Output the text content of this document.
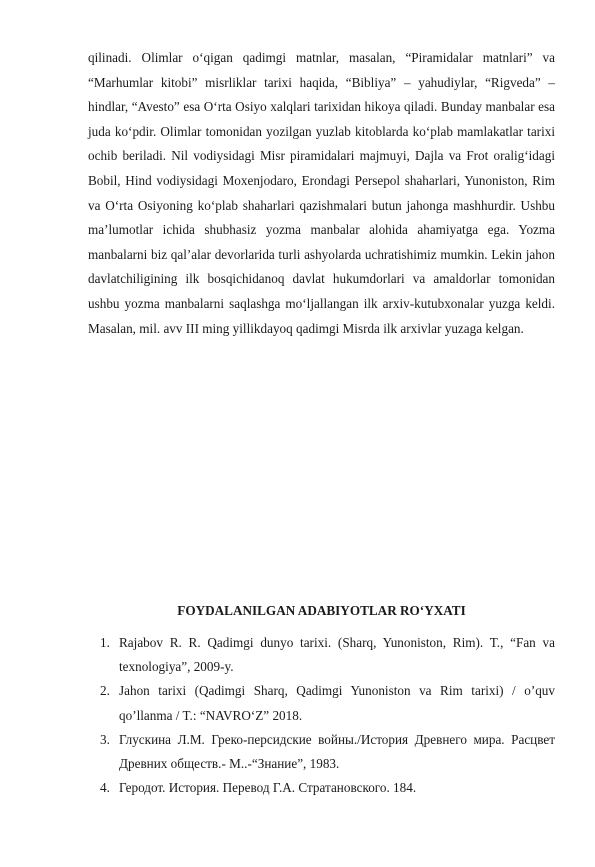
qilinadi. Olimlar o‘qigan qadimgi matnlar, masalan, “Piramidalar matnlari” va “Marhumlar kitobi” misrliklar tarixi haqida, “Bibliya” – yahudiylar, “Rigveda” – hindlar, “Avesto” esa O‘rta Osiyo xalqlari tarixidan hikoya qiladi. Bunday manbalar esa juda ko‘pdir. Olimlar tomonidan yozilgan yuzlab kitoblarda ko‘plab mamlakatlar tarixi ochib beriladi. Nil vodiysidagi Misr piramidalari majmuyi, Dajla va Frot oralig‘idagi Bobil, Hind vodiysidagi Moxenjodaro, Erondagi Persepol shaharlari, Yunoniston, Rim va O‘rta Osiyoning ko‘plab shaharlari qazishmalari butun jahonga mashhurdir. Ushbu ma’lumotlar ichida shubhasiz yozma manbalar alohida ahamiyatga ega. Yozma manbalarni biz qal’alar devorlarida turli ashyolarda uchratishimiz mumkin. Lekin jahon davlatchiligining ilk bosqichidanoq davlat hukumdorlari va amaldorlar tomonidan ushbu yozma manbalarni saqlashga mo‘ljallangan ilk arxiv-kutubxonalar yuzga keldi. Masalan, mil. avv III ming yillikdayoq qadimgi Misrda ilk arxivlar yuzaga kelgan.

FOYDALANILGAN ADABIYOTLAR RO‘YXATI
1. Rajabov R. R. Qadimgi dunyo tarixi. (Sharq, Yunoniston, Rim). T., “Fan va texnologiya”, 2009-y.
2. Jahon tarixi (Qadimgi Sharq, Qadimgi Yunoniston va Rim tarixi) / o’quv qo’llanma / T.: “NAVRO‘Z” 2018.
3. Глускина Л.М. Греко-персидские войны./История Древнего мира. Расцвет Древних обществ.- М..-“Знание”, 1983.
4. Геродот. История. Перевод Г.А. Стратановского. 184.
